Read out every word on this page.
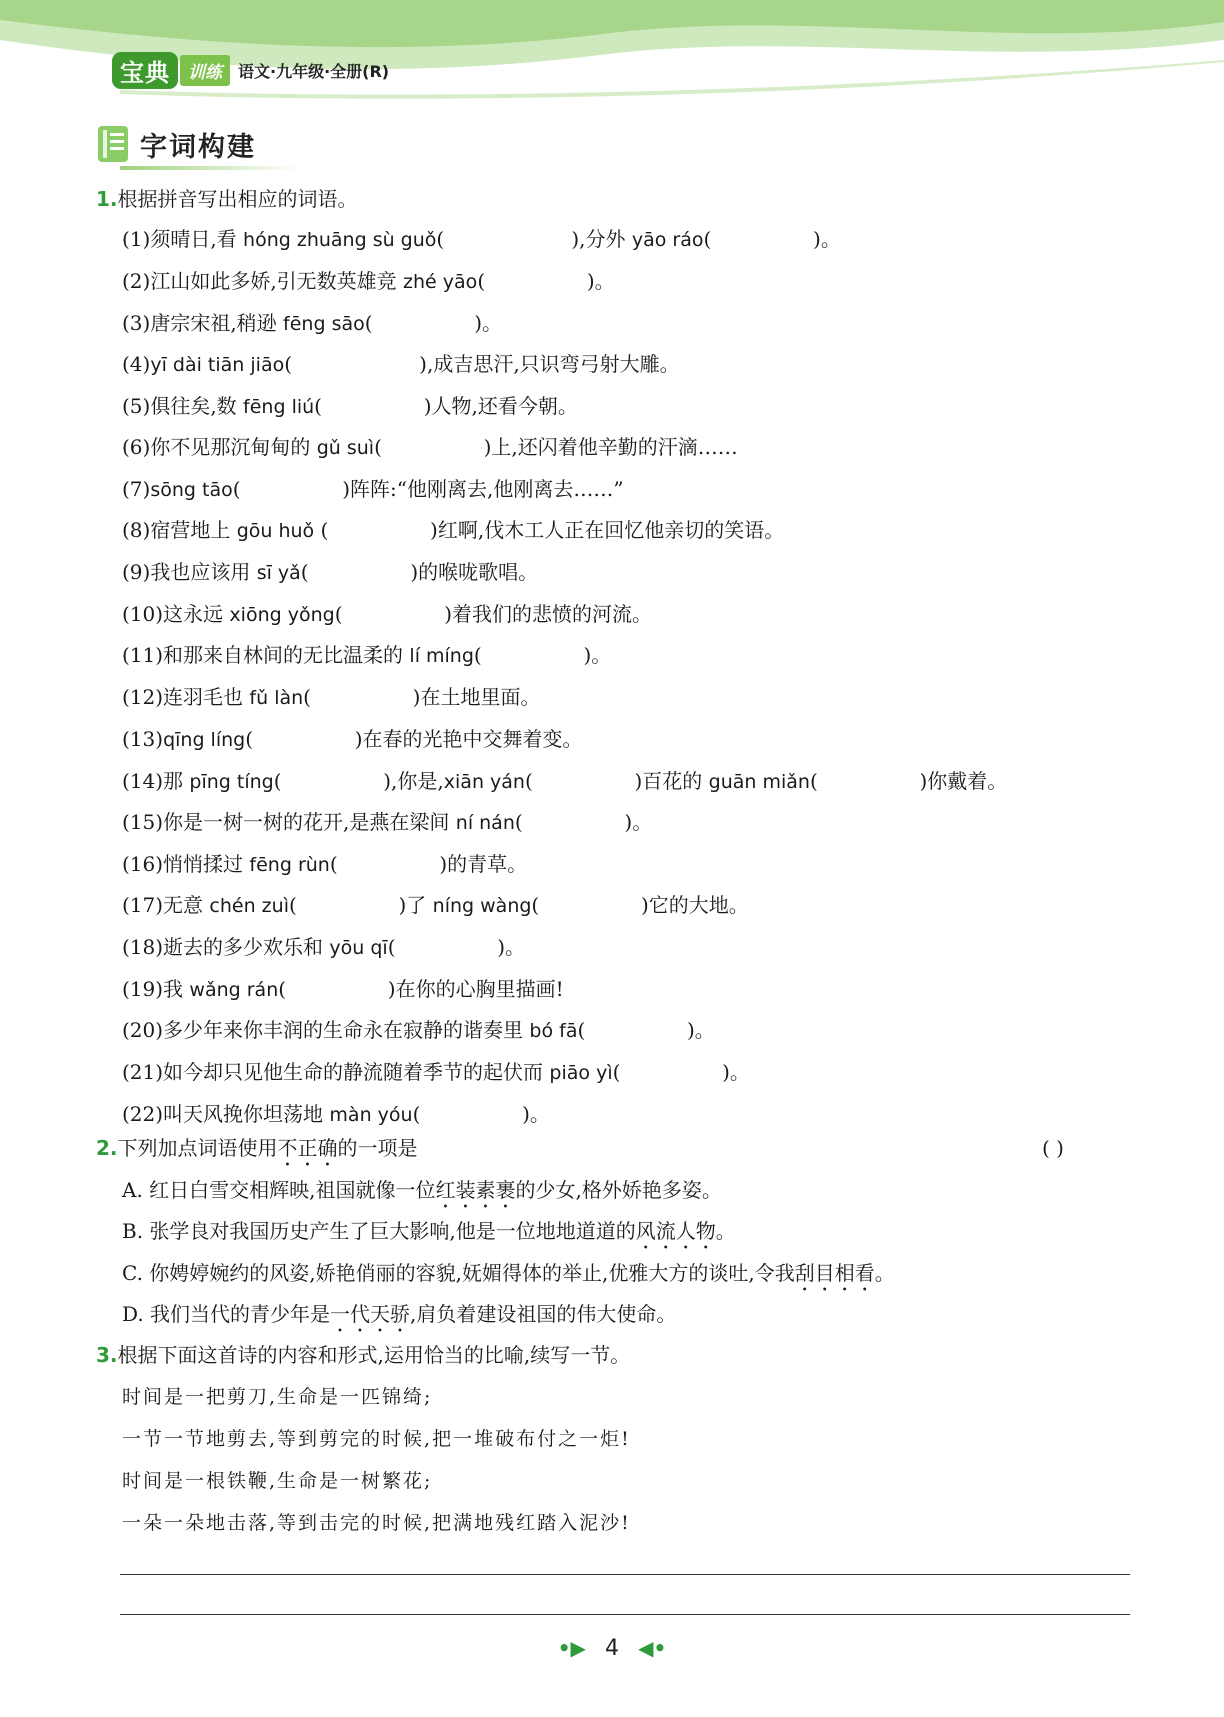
宝典	训练	语文·九年级·全册(R)
字词构建
1.根据拼音写出相应的词语。
(1)须晴日,看 hóng zhuāng sù guǒ(                    ),分外 yāo ráo(                )。
(2)江山如此多娇,引无数英雄竞 zhé yāo(                )。
(3)唐宗宋祖,稍逊 fēng sāo(                )。
(4)yī dài tiān jiāo(                    ),成吉思汗,只识弯弓射大雕。
(5)俱往矣,数 fēng liú(                )人物,还看今朝。
(6)你不见那沉甸甸的 gǔ suì(                )上,还闪着他辛勤的汗滴……
(7)sōng tāo(                )阵阵:“他刚离去,他刚离去……”
(8)宿营地上 gōu huǒ (                )红啊,伐木工人正在回忆他亲切的笑语。
(9)我也应该用 sī yǎ(                )的喉咙歌唱。
(10)这永远 xiōng yǒng(                )着我们的悲愤的河流。
(11)和那来自林间的无比温柔的 lí míng(                )。
(12)连羽毛也 fǔ làn(                )在土地里面。
(13)qīng líng(                )在春的光艳中交舞着变。
(14)那 pīng tíng(                ),你是,xiān yán(                )百花的 guān miǎn(                )你戴着。
(15)你是一树一树的花开,是燕在梁间 ní nán(                )。
(16)悄悄揉过 fēng rùn(                )的青草。
(17)无意 chén zuì(                )了 níng wàng(                )它的大地。
(18)逝去的多少欢乐和 yōu qī(                )。
(19)我 wǎng rán(                )在你的心胸里描画!
(20)多少年来你丰润的生命永在寂静的谐奏里 bó fā(                )。
(21)如今却只见他生命的静流随着季节的起伏而 piāo yì(                )。
(22)叫天风挽你坦荡地 màn yóu(                )。
2.下列加点词语使用不正确的一项是	( )
A. 红日白雪交相辉映,祖国就像一位红装素裹的少女,格外娇艳多姿。
B. 张学良对我国历史产生了巨大影响,他是一位地地道道的风流人物。
C. 你娉婷婉约的风姿,娇艳俏丽的容貌,妩媚得体的举止,优雅大方的谈吐,令我刮目相看。
D. 我们当代的青少年是一代天骄,肩负着建设祖国的伟大使命。
3.根据下面这首诗的内容和形式,运用恰当的比喻,续写一节。
时间是一把剪刀,生命是一匹锦绮;
一节一节地剪去,等到剪完的时候,把一堆破布付之一炬!
时间是一根铁鞭,生命是一树繁花;
一朵一朵地击落,等到击完的时候,把满地残红踏入泥沙!
•▶ 4 ◀•
